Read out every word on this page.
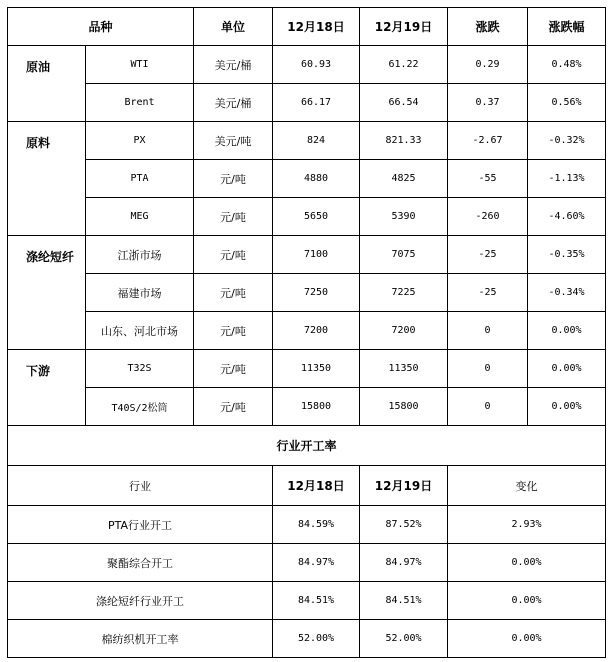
品种		单位	12月18日	12月19日	涨跌	涨跌幅
原油	WTI	美元/桶	60.93	61.22	0.29	0.48%
	Brent	美元/桶	66.17	66.54	0.37	0.56%
原料	PX	美元/吨	824	821.33	-2.67	-0.32%
	PTA	元/吨	4880	4825	-55	-1.13%
	MEG	元/吨	5650	5390	-260	-4.60%
涤纶短纤	江浙市场	元/吨	7100	7075	-25	-0.35%
	福建市场	元/吨	7250	7225	-25	-0.34%
	山东、河北市场	元/吨	7200	7200	0	0.00%
下游	T32S	元/吨	11350	11350	0	0.00%
	T40S/2松筒	元/吨	15800	15800	0	0.00%
行业开工率						
行业			12月18日	12月19日	变化	
PTA行业开工			84.59%	87.52%	2.93%	
聚酯综合开工			84.97%	84.97%	0.00%	
涤纶短纤行业开工			84.51%	84.51%	0.00%	
棉纺织机开工率			52.00%	52.00%	0.00%	
